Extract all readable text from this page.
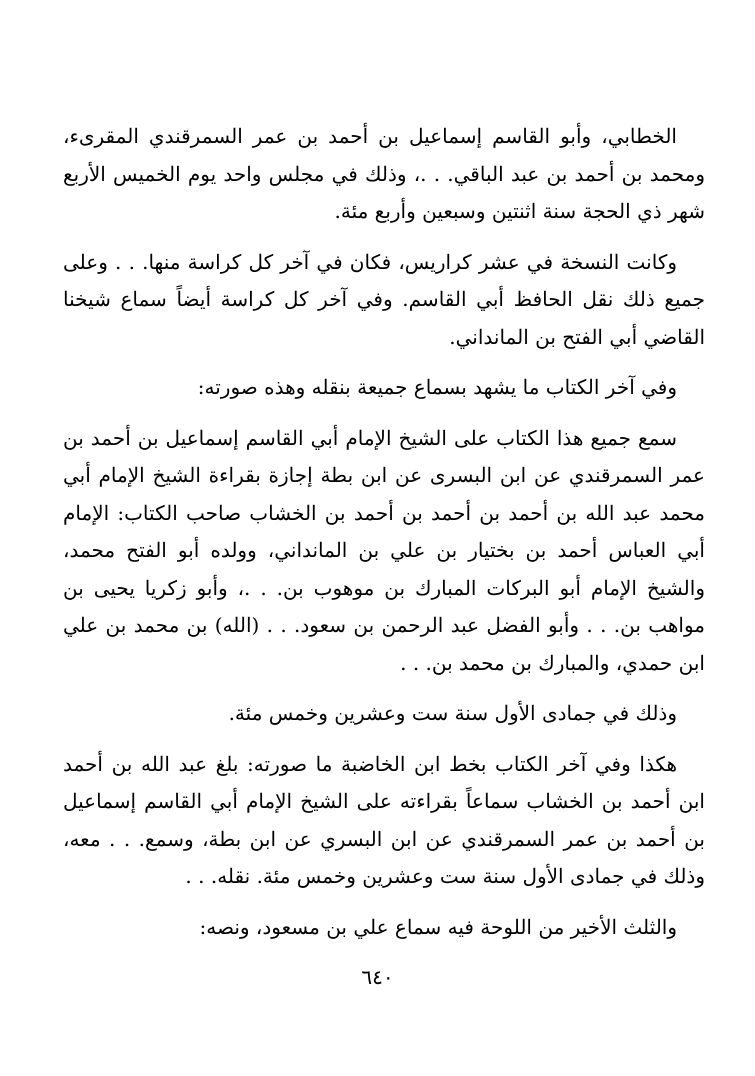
الخطابي، وأبو القاسم إسماعيل بن أحمد بن عمر السمرقندي المقرىء، ومحمد بن أحمد بن عبد الباقي. . .، وذلك في مجلس واحد يوم الخميس الأربع شهر ذي الحجة سنة اثنتين وسبعين وأربع مئة.

وكانت النسخة في عشر كراريس، فكان في آخر كل كراسة منها. . . وعلى جميع ذلك نقل الحافظ أبي القاسم. وفي آخر كل كراسة أيضاً سماع شيخنا القاضي أبي الفتح بن المانداني.

وفي آخر الكتاب ما يشهد بسماع جميعة بنقله وهذه صورته:

سمع جميع هذا الكتاب على الشيخ الإمام أبي القاسم إسماعيل بن أحمد بن عمر السمرقندي عن ابن البسرى عن ابن بطة إجازة بقراءة الشيخ الإمام أبي محمد عبد الله بن أحمد بن أحمد بن أحمد بن الخشاب صاحب الكتاب: الإمام أبي العباس أحمد بن بختيار بن علي بن المانداني، وولده أبو الفتح محمد، والشيخ الإمام أبو البركات المبارك بن موهوب بن. . .، وأبو زكريا يحيى بن مواهب بن. . . وأبو الفضل عبد الرحمن بن سعود. . . (الله) بن محمد بن علي ابن حمدي، والمبارك بن محمد بن. . .

وذلك في جمادى الأول سنة ست وعشرين وخمس مئة.

هكذا وفي آخر الكتاب بخط ابن الخاضبة ما صورته: بلغ عبد الله بن أحمد ابن أحمد بن الخشاب سماعاً بقراءته على الشيخ الإمام أبي القاسم إسماعيل بن أحمد بن عمر السمرقندي عن ابن البسري عن ابن بطة، وسمع. . . معه، وذلك في جمادى الأول سنة ست وعشرين وخمس مئة. نقله. . .

والثلث الأخير من اللوحة فيه سماع علي بن مسعود، ونصه:

٦٤٠
